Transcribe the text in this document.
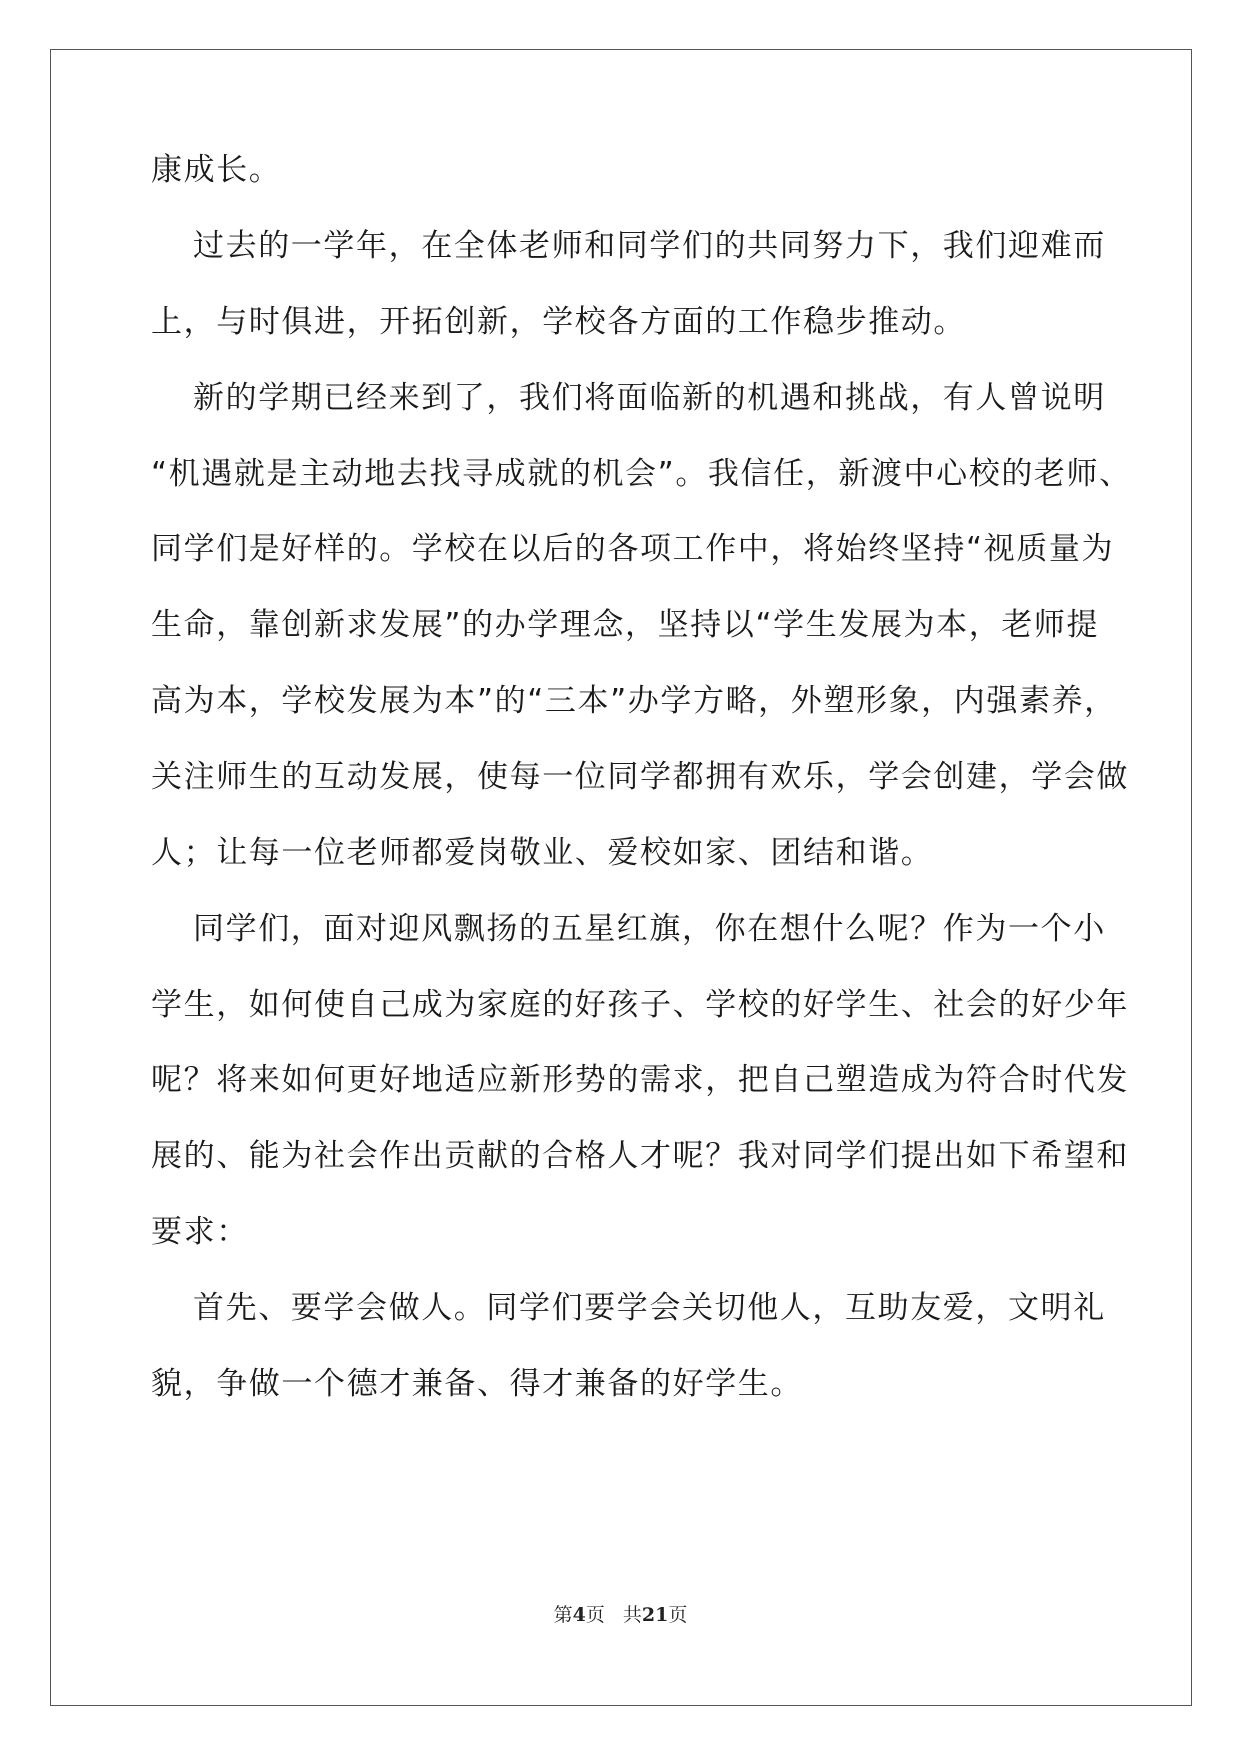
康成长。
过去的一学年，在全体老师和同学们的共同努力下，我们迎难而
上，与时俱进，开拓创新，学校各方面的工作稳步推动。
新的学期已经来到了，我们将面临新的机遇和挑战，有人曾说明
“机遇就是主动地去找寻成就的机会”。我信任，新渡中心校的老师、
同学们是好样的。学校在以后的各项工作中，将始终坚持“视质量为
生命，靠创新求发展”的办学理念，坚持以“学生发展为本，老师提
高为本，学校发展为本”的“三本”办学方略，外塑形象，内强素养，
关注师生的互动发展，使每一位同学都拥有欢乐，学会创建，学会做
人；让每一位老师都爱岗敬业、爱校如家、团结和谐。
同学们，面对迎风飘扬的五星红旗，你在想什么呢？作为一个小
学生，如何使自己成为家庭的好孩子、学校的好学生、社会的好少年
呢？将来如何更好地适应新形势的需求，把自己塑造成为符合时代发
展的、能为社会作出贡献的合格人才呢？我对同学们提出如下希望和
要求：
首先、要学会做人。同学们要学会关切他人，互助友爱，文明礼
貌，争做一个德才兼备、得才兼备的好学生。
第4页 共21页
